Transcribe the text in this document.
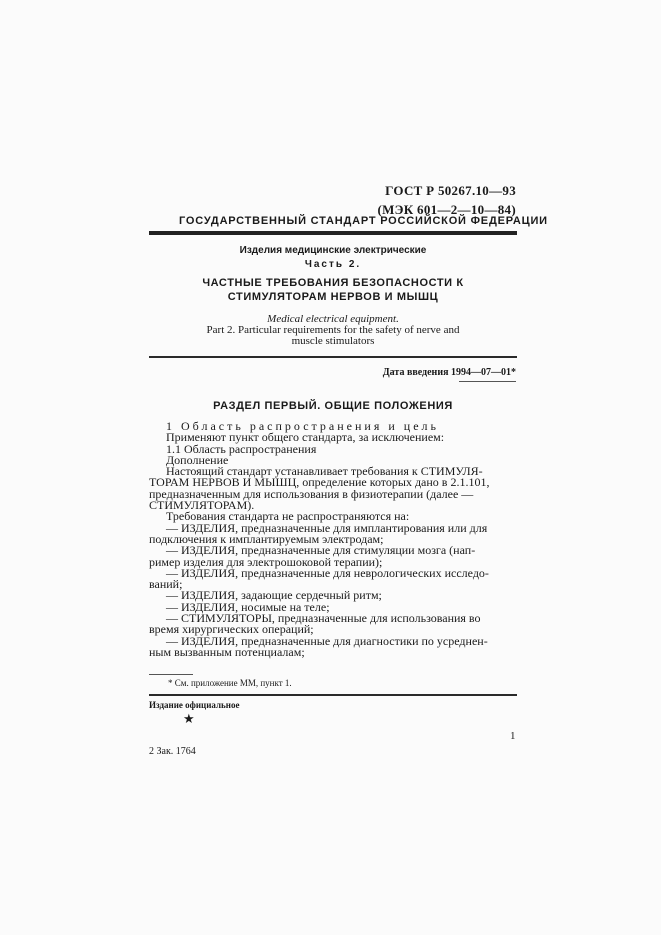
ГОСТ Р 50267.10—93
(МЭК 601—2—10—84)
ГОСУДАРСТВЕННЫЙ СТАНДАРТ РОССИЙСКОЙ ФЕДЕРАЦИИ
Изделия медицинские электрические
Часть 2.
ЧАСТНЫЕ ТРЕБОВАНИЯ БЕЗОПАСНОСТИ К
СТИМУЛЯТОРАМ НЕРВОВ И МЫШЦ
Medical electrical equipment.
Part 2. Particular requirements for the safety of nerve and
muscle stimulators
Дата введения 1994—07—01*
РАЗДЕЛ ПЕРВЫЙ. ОБЩИЕ ПОЛОЖЕНИЯ
1 Область распространения и цель
Применяют пункт общего стандарта, за исключением:
1.1 Область распространения
Дополнение
Настоящий стандарт устанавливает требования к СТИМУЛЯ-
ТОРАМ НЕРВОВ И МЫШЦ, определение которых дано в 2.1.101,
предназначенным для использования в физиотерапии (далее —
СТИМУЛЯТОРАМ).
Требования стандарта не распространяются на:
— ИЗДЕЛИЯ, предназначенные для имплантирования или для
подключения к имплантируемым электродам;
— ИЗДЕЛИЯ, предназначенные для стимуляции мозга (нап-
ример изделия для электрошоковой терапии);
— ИЗДЕЛИЯ, предназначенные для неврологических исследо-
ваний;
— ИЗДЕЛИЯ, задающие сердечный ритм;
— ИЗДЕЛИЯ, носимые на теле;
— СТИМУЛЯТОРЫ, предназначенные для использования во
время хирургических операций;
— ИЗДЕЛИЯ, предназначенные для диагностики по усреднен-
ным вызванным потенциалам;
* См. приложение ММ, пункт 1.
Издание официальное
★
1
2 Зак. 1764
